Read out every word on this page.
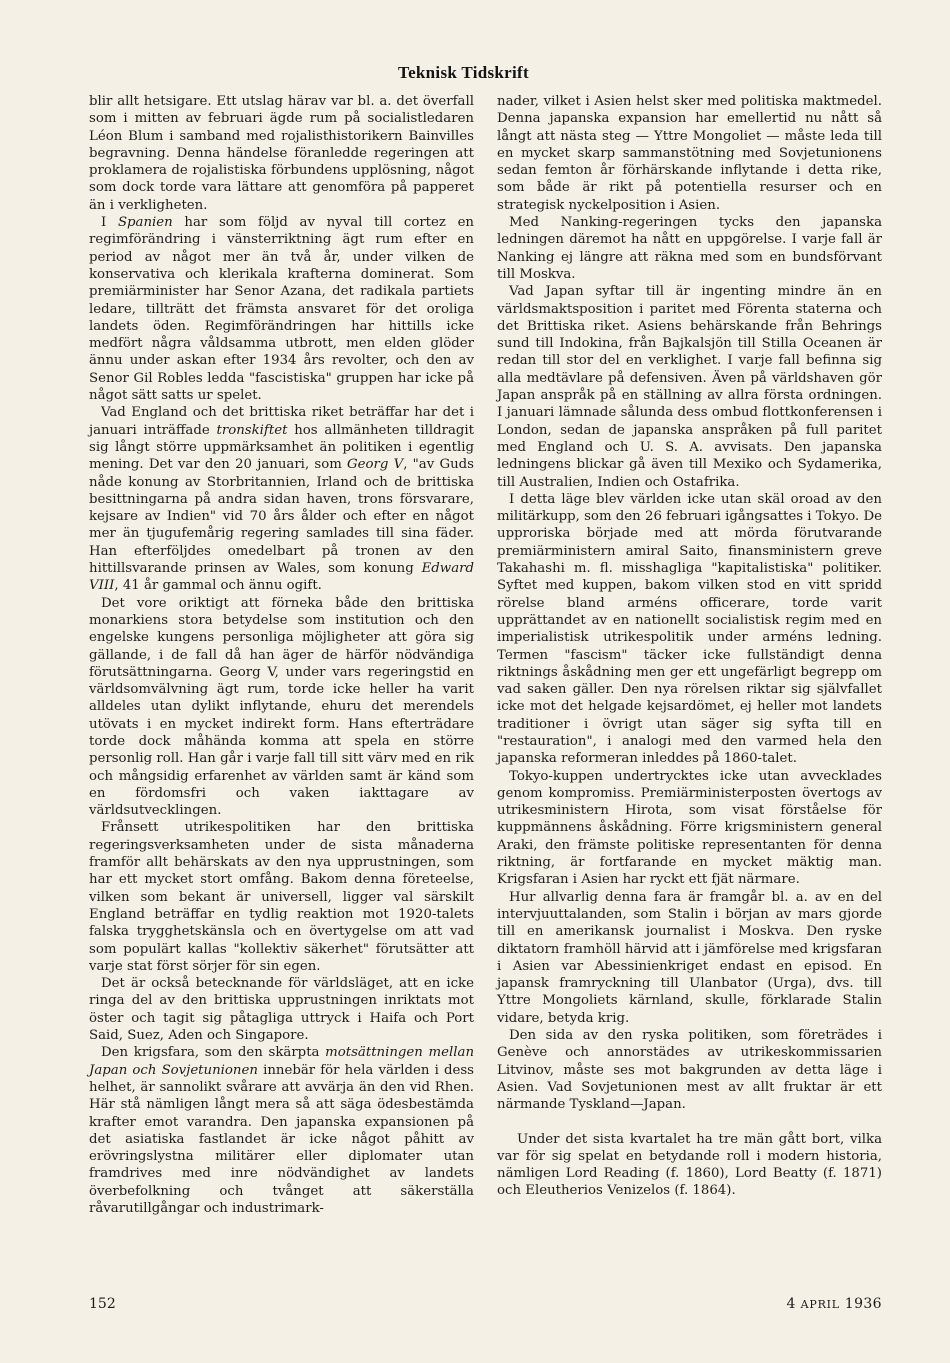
Teknisk Tidskrift

blir allt hetsigare. Ett utslag härav var bl. a. det överfall som i mitten av februari ägde rum på socialistledaren Léon Blum i samband med rojalisthistorikern Bainvilles begravning. Denna händelse föranledde regeringen att proklamera de rojalistiska förbundens upplösning, något som dock torde vara lättare att genomföra på papperet än i verkligheten.

I Spanien har som följd av nyval till cortez en regimförändring i vänsterriktning ägt rum efter en period av något mer än två år, under vilken de konservativa och klerikala krafterna dominerat. Som premiärminister har Senor Azana, det radikala partiets ledare, tillträtt det främsta ansvaret för det oroliga landets öden. Regimförändringen har hittills icke medfört några våldsamma utbrott, men elden glöder ännu under askan efter 1934 års revolter, och den av Senor Gil Robles ledda "fascistiska" gruppen har icke på något sätt satts ur spelet.

Vad England och det brittiska riket beträffar har det i januari inträffade tronskiftet hos allmänheten tilldragit sig långt större uppmärksamhet än politiken i egentlig mening. Det var den 20 januari, som Georg V, "av Guds nåde konung av Storbritannien, Irland och de brittiska besittningarna på andra sidan haven, trons försvarare, kejsare av Indien" vid 70 års ålder och efter en något mer än tjugufemårig regering samlades till sina fäder. Han efterföljdes omedelbart på tronen av den hittillsvarande prinsen av Wales, som konung Edward VIII, 41 år gammal och ännu ogift.

Det vore oriktigt att förneka både den brittiska monarkiens stora betydelse som institution och den engelske kungens personliga möjligheter att göra sig gällande, i de fall då han äger de härför nödvändiga förutsättningarna. Georg V, under vars regeringstid en världsomvälvning ägt rum, torde icke heller ha varit alldeles utan dylikt inflytande, ehuru det merendels utövats i en mycket indirekt form. Hans efterträdare torde dock måhända komma att spela en större personlig roll. Han går i varje fall till sitt värv med en rik och mångsidig erfarenhet av världen samt är känd som en fördomsfri och vaken iakttagare av världsutvecklingen.

Frånsett utrikespolitiken har den brittiska regeringsverksamheten under de sista månaderna framför allt behärskats av den nya upprustningen, som har ett mycket stort omfång. Bakom denna företeelse, vilken som bekant är universell, ligger val särskilt England beträffar en tydlig reaktion mot 1920-talets falska trygghetskänsla och en övertygelse om att vad som populärt kallas "kollektiv säkerhet" förutsätter att varje stat först sörjer för sin egen.

Det är också betecknande för världsläget, att en icke ringa del av den brittiska upprustningen inriktats mot öster och tagit sig påtagliga uttryck i Haifa och Port Said, Suez, Aden och Singapore.

Den krigsfara, som den skärpta motsättningen mellan Japan och Sovjetunionen innebär för hela världen i dess helhet, är sannolikt svårare att avvärja än den vid Rhen. Här stå nämligen långt mera så att säga ödesbestämda krafter emot varandra. Den japanska expansionen på det asiatiska fastlandet är icke något påhitt av erövringslystna militärer eller diplomater utan framdrives med inre nödvändighet av landets överbefolkning och tvånget att säkerställa råvarutillgångar och industrimark-

nader, vilket i Asien helst sker med politiska maktmedel. Denna japanska expansion har emellertid nu nått så långt att nästa steg — Yttre Mongoliet — måste leda till en mycket skarp sammanstötning med Sovjetunionens sedan femton år förhärskande inflytande i detta rike, som både är rikt på potentiella resurser och en strategisk nyckelposition i Asien.

Med Nanking-regeringen tycks den japanska ledningen däremot ha nått en uppgörelse. I varje fall är Nanking ej längre att räkna med som en bundsförvant till Moskva.

Vad Japan syftar till är ingenting mindre än en världsmaktsposition i paritet med Förenta staterna och det Brittiska riket. Asiens behärskande från Behrings sund till Indokina, från Bajkalsjön till Stilla Oceanen är redan till stor del en verklighet. I varje fall befinna sig alla medtävlare på defensiven. Även på världshaven gör Japan anspråk på en ställning av allra första ordningen. I januari lämnade sålunda dess ombud flottkonferensen i London, sedan de japanska anspråken på full paritet med England och U. S. A. avvisats. Den japanska ledningens blickar gå även till Mexiko och Sydamerika, till Australien, Indien och Ostafrika.

I detta läge blev världen icke utan skäl oroad av den militärkupp, som den 26 februari igångsattes i Tokyo. De upproriska började med att mörda förutvarande premiärministern amiral Saito, finansministern greve Takahashi m. fl. misshagliga "kapitalistiska" politiker. Syftet med kuppen, bakom vilken stod en vitt spridd rörelse bland arméns officerare, torde varit upprättandet av en nationellt socialistisk regim med en imperialistisk utrikespolitik under arméns ledning. Termen "fascism" täcker icke fullständigt denna riktnings åskådning men ger ett ungefärligt begrepp om vad saken gäller. Den nya rörelsen riktar sig självfallet icke mot det helgade kejsardömet, ej heller mot landets traditioner i övrigt utan säger sig syfta till en "restauration", i analogi med den varmed hela den japanska reformeran inleddes på 1860-talet.

Tokyo-kuppen undertrycktes icke utan avvecklades genom kompromiss. Premiärministerposten övertogs av utrikesministern Hirota, som visat förståelse för kuppmännens åskådning. Förre krigsministern general Araki, den främste politiske representanten för denna riktning, är fortfarande en mycket mäktig man. Krigsfaran i Asien har ryckt ett fjät närmare.

Hur allvarlig denna fara är framgår bl. a. av en del intervjuuttalanden, som Stalin i början av mars gjorde till en amerikansk journalist i Moskva. Den ryske diktatorn framhöll härvid att i jämförelse med krigsfaran i Asien var Abessinienkriget endast en episod. En japansk framryckning till Ulanbator (Urga), dvs. till Yttre Mongoliets kärnland, skulle, förklarade Stalin vidare, betyda krig.

Den sida av den ryska politiken, som företrädes i Genève och annorstädes av utrikeskommissarien Litvinov, måste ses mot bakgrunden av detta läge i Asien. Vad Sovjetunionen mest av allt fruktar är ett närmande Tyskland—Japan.

Under det sista kvartalet ha tre män gått bort, vilka var för sig spelat en betydande roll i modern historia, nämligen Lord Reading (f. 1860), Lord Beatty (f. 1871) och Eleutherios Venizelos (f. 1864).

152	4 APRIL 1936
